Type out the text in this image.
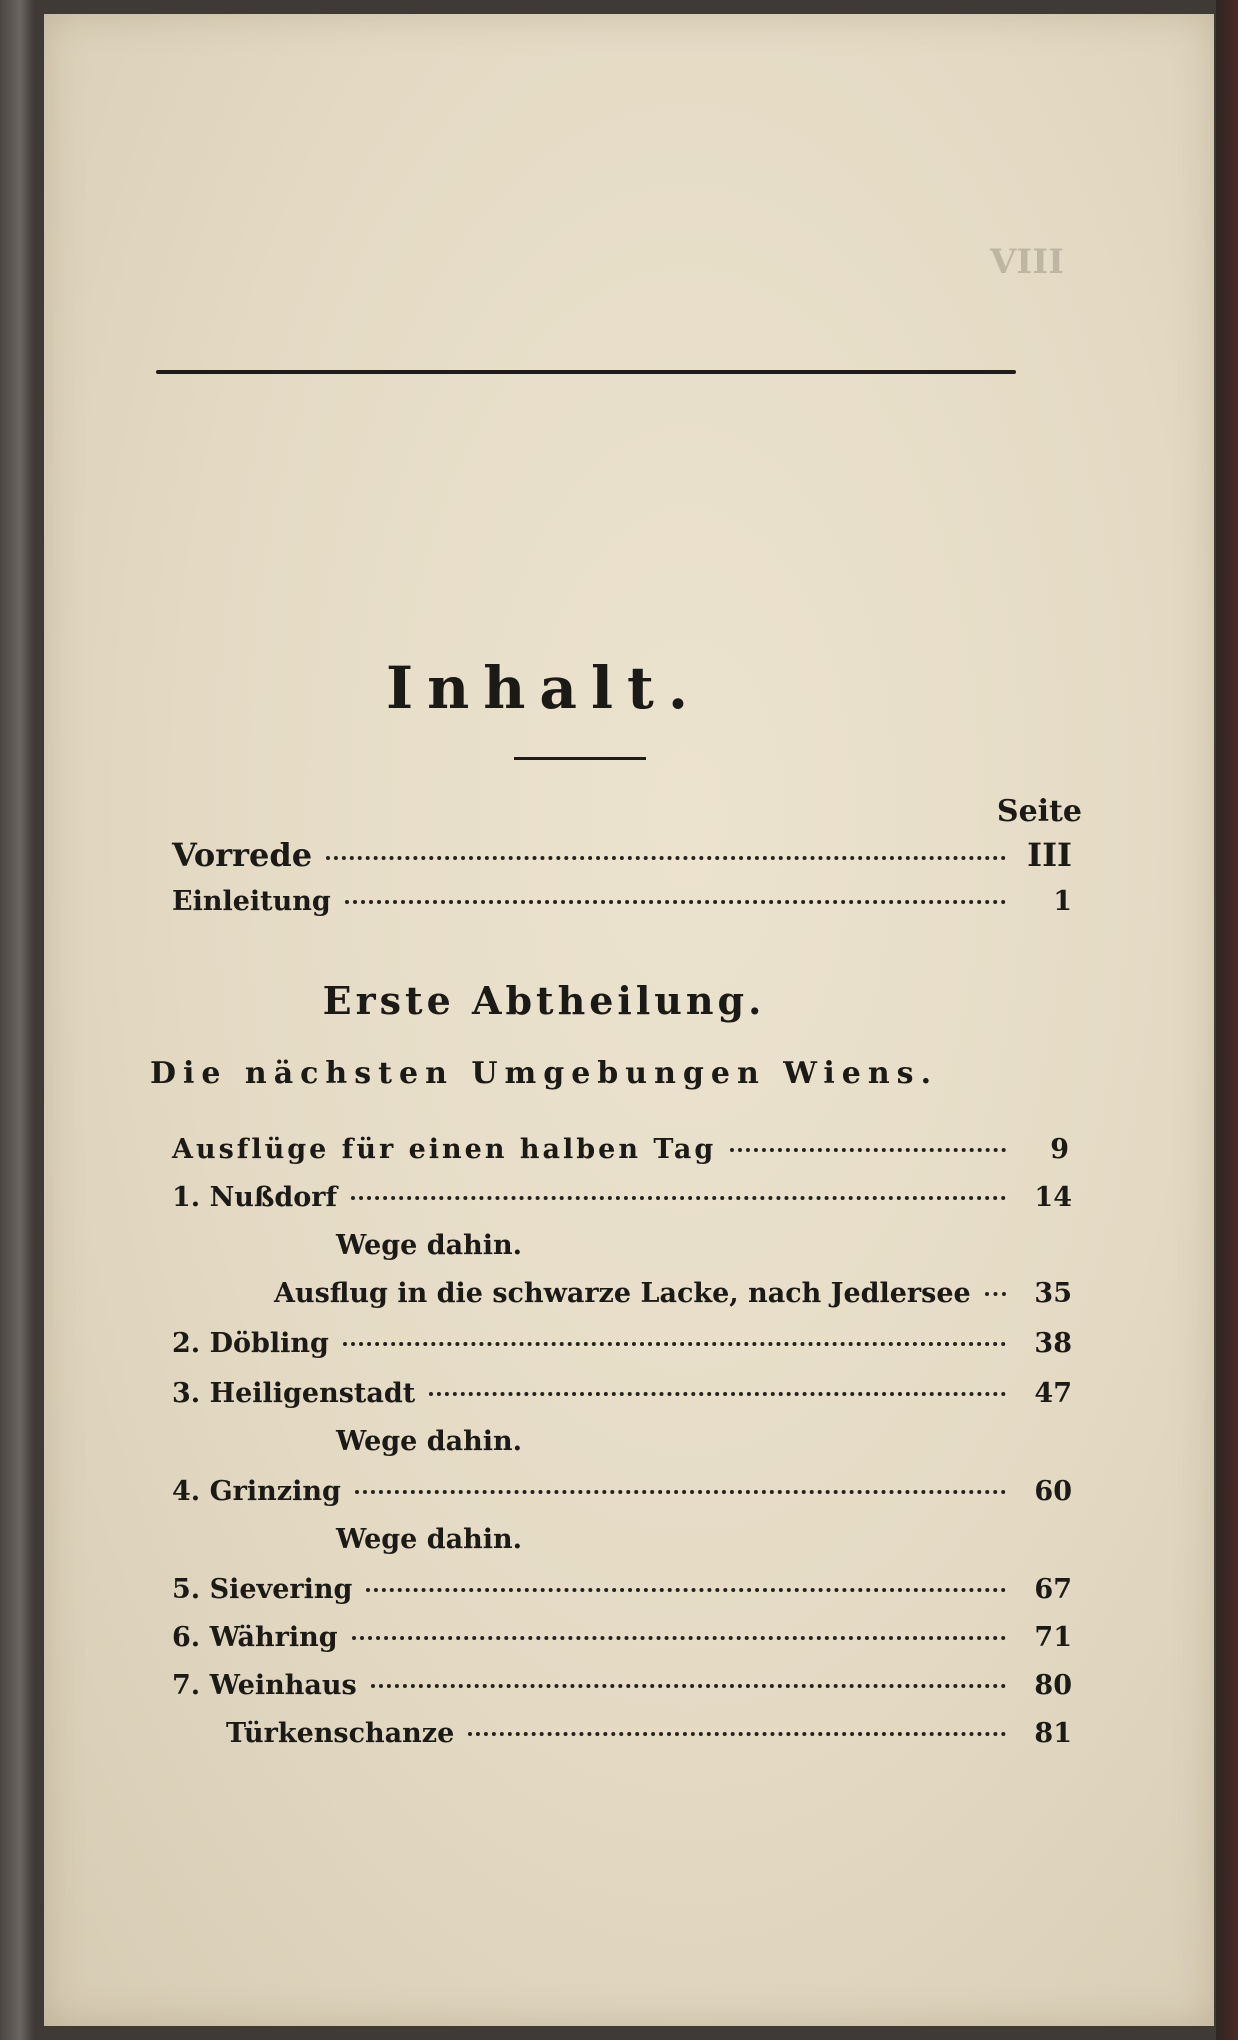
VIII
Inhalt.
Seite
Vorrede	III
Einleitung	1
Erste Abtheilung.
Die nächsten Umgebungen Wiens.
Ausflüge für einen halben Tag	9
1. Nußdorf	14
Wege dahin.
Ausflug in die schwarze Lacke, nach Jedlersee	35
2. Döbling	38
3. Heiligenstadt	47
Wege dahin.
4. Grinzing	60
Wege dahin.
5. Sievering	67
6. Währing	71
7. Weinhaus	80
Türkenschanze	81
